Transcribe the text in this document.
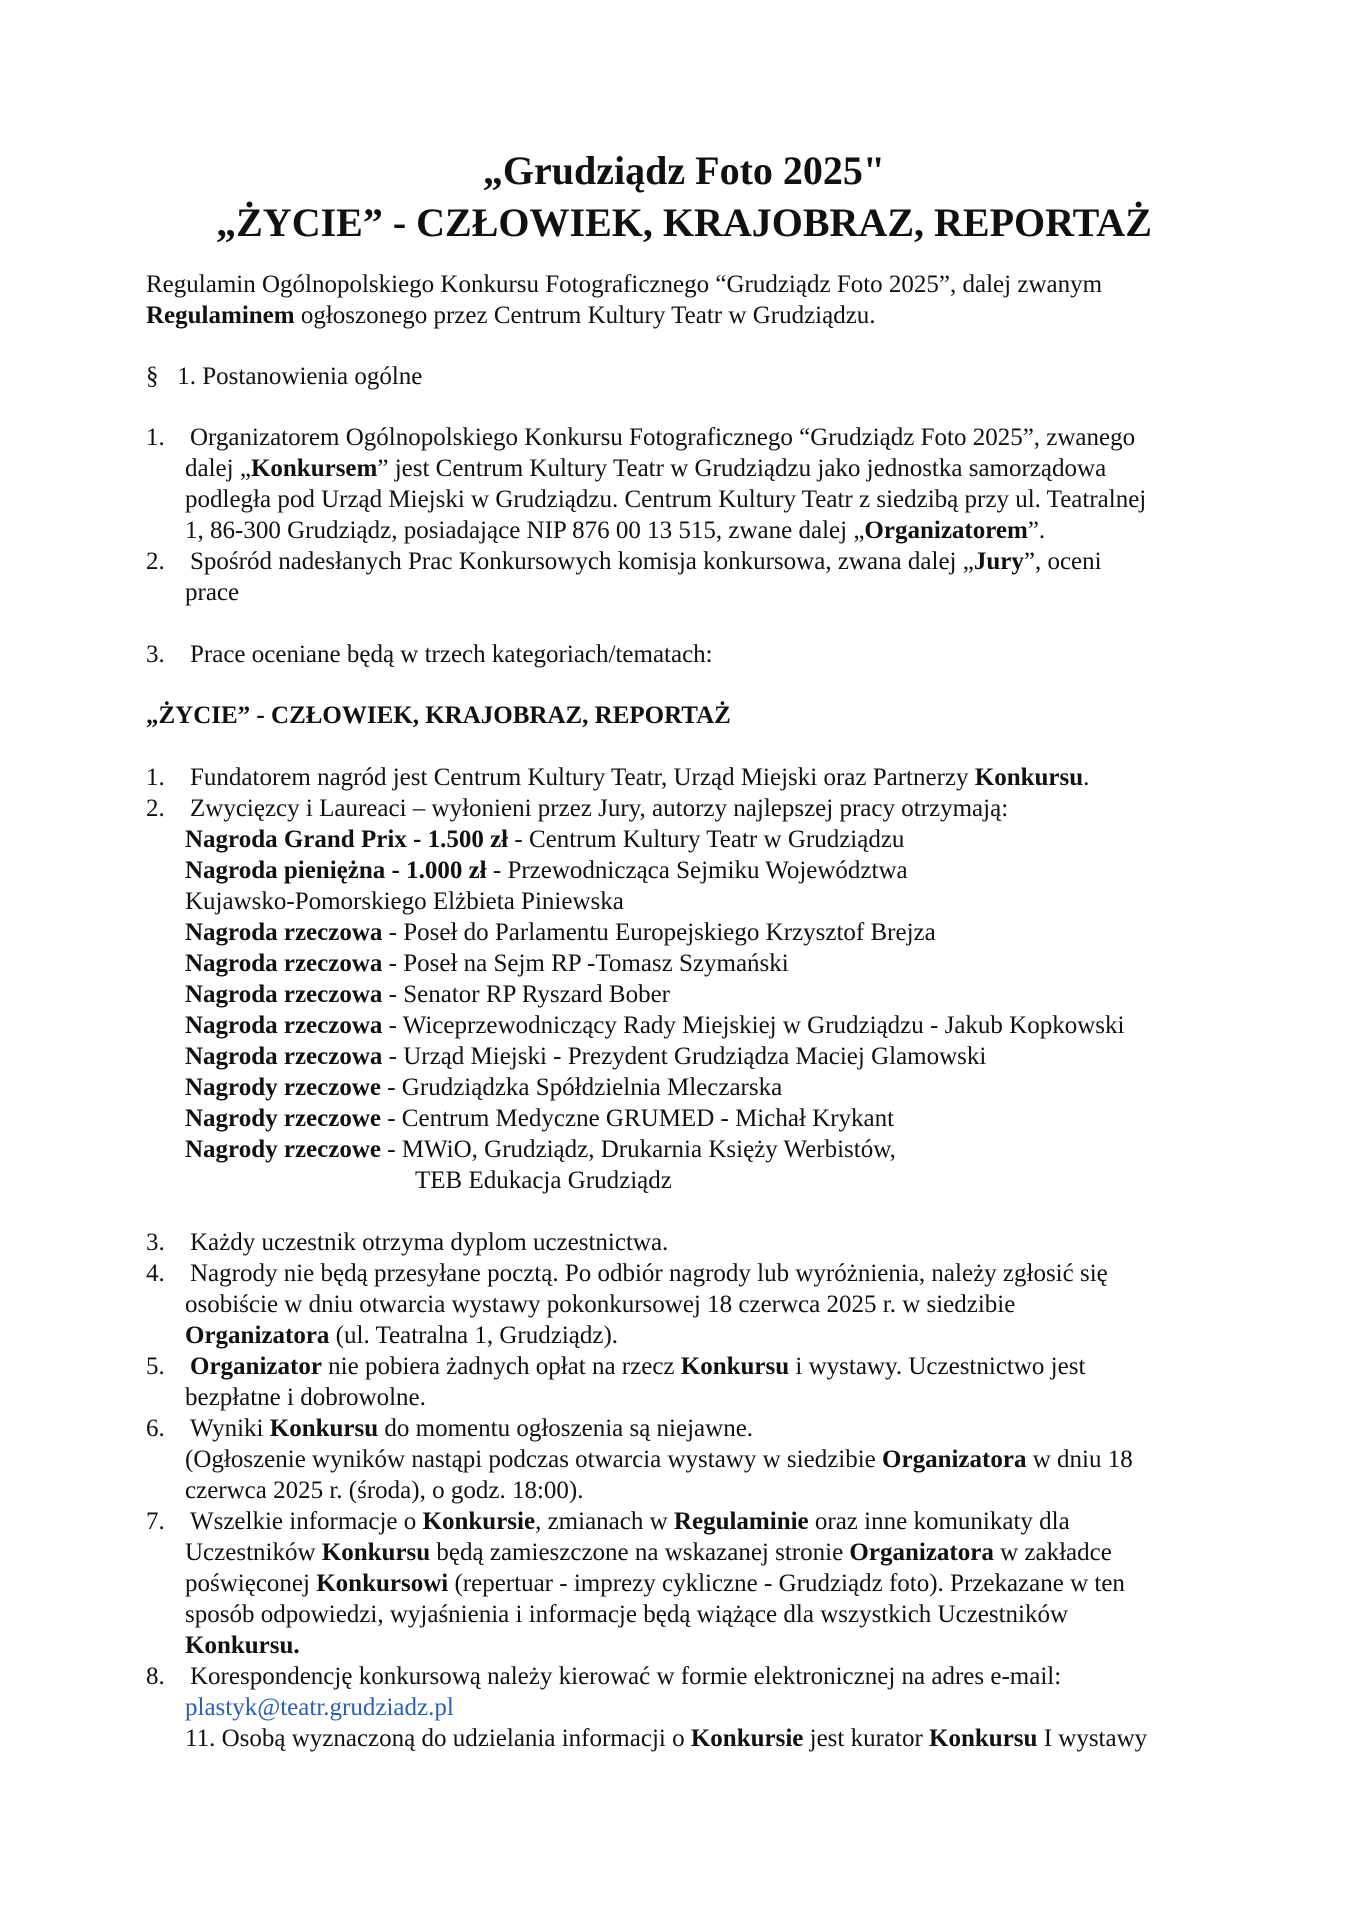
„Grudziądz Foto 2025"
„ŻYCIE” - CZŁOWIEK, KRAJOBRAZ, REPORTAŻ
Regulamin Ogólnopolskiego Konkursu Fotograficznego “Grudziądz Foto 2025”, dalej zwanym
Regulaminem ogłoszonego przez Centrum Kultury Teatr w Grudziądzu.
§ 1. Postanowienia ogólne
1. Organizatorem Ogólnopolskiego Konkursu Fotograficznego “Grudziądz Foto 2025”, zwanego
dalej „Konkursem” jest Centrum Kultury Teatr w Grudziądzu jako jednostka samorządowa
podległa pod Urząd Miejski w Grudziądzu. Centrum Kultury Teatr z siedzibą przy ul. Teatralnej
1, 86-300 Grudziądz, posiadające NIP 876 00 13 515, zwane dalej „Organizatorem”.
2. Spośród nadesłanych Prac Konkursowych komisja konkursowa, zwana dalej „Jury”, oceni
prace
3. Prace oceniane będą w trzech kategoriach/tematach:
„ŻYCIE” - CZŁOWIEK, KRAJOBRAZ, REPORTAŻ
1. Fundatorem nagród jest Centrum Kultury Teatr, Urząd Miejski oraz Partnerzy Konkursu.
2. Zwycięzcy i Laureaci – wyłonieni przez Jury, autorzy najlepszej pracy otrzymają:
Nagroda Grand Prix - 1.500 zł - Centrum Kultury Teatr w Grudziądzu
Nagroda pieniężna - 1.000 zł - Przewodnicząca Sejmiku Województwa
Kujawsko-Pomorskiego Elżbieta Piniewska
Nagroda rzeczowa - Poseł do Parlamentu Europejskiego Krzysztof Brejza
Nagroda rzeczowa - Poseł na Sejm RP -Tomasz Szymański
Nagroda rzeczowa - Senator RP Ryszard Bober
Nagroda rzeczowa - Wiceprzewodniczący Rady Miejskiej w Grudziądzu - Jakub Kopkowski
Nagroda rzeczowa - Urząd Miejski - Prezydent Grudziądza Maciej Glamowski
Nagrody rzeczowe - Grudziądzka Spółdzielnia Mleczarska
Nagrody rzeczowe - Centrum Medyczne GRUMED - Michał Krykant
Nagrody rzeczowe - MWiO, Grudziądz, Drukarnia Księży Werbistów,
TEB Edukacja Grudziądz
3. Każdy uczestnik otrzyma dyplom uczestnictwa.
4. Nagrody nie będą przesyłane pocztą. Po odbiór nagrody lub wyróżnienia, należy zgłosić się
osobiście w dniu otwarcia wystawy pokonkursowej 18 czerwca 2025 r. w siedzibie
Organizatora (ul. Teatralna 1, Grudziądz).
5. Organizator nie pobiera żadnych opłat na rzecz Konkursu i wystawy. Uczestnictwo jest
bezpłatne i dobrowolne.
6. Wyniki Konkursu do momentu ogłoszenia są niejawne.
(Ogłoszenie wyników nastąpi podczas otwarcia wystawy w siedzibie Organizatora w dniu 18
czerwca 2025 r. (środa), o godz. 18:00).
7. Wszelkie informacje o Konkursie, zmianach w Regulaminie oraz inne komunikaty dla
Uczestników Konkursu będą zamieszczone na wskazanej stronie Organizatora w zakładce
poświęconej Konkursowi (repertuar - imprezy cykliczne - Grudziądz foto). Przekazane w ten
sposób odpowiedzi, wyjaśnienia i informacje będą wiążące dla wszystkich Uczestników
Konkursu.
8. Korespondencję konkursową należy kierować w formie elektronicznej na adres e-mail:
plastyk@teatr.grudziadz.pl
11. Osobą wyznaczoną do udzielania informacji o Konkursie jest kurator Konkursu I wystawy
